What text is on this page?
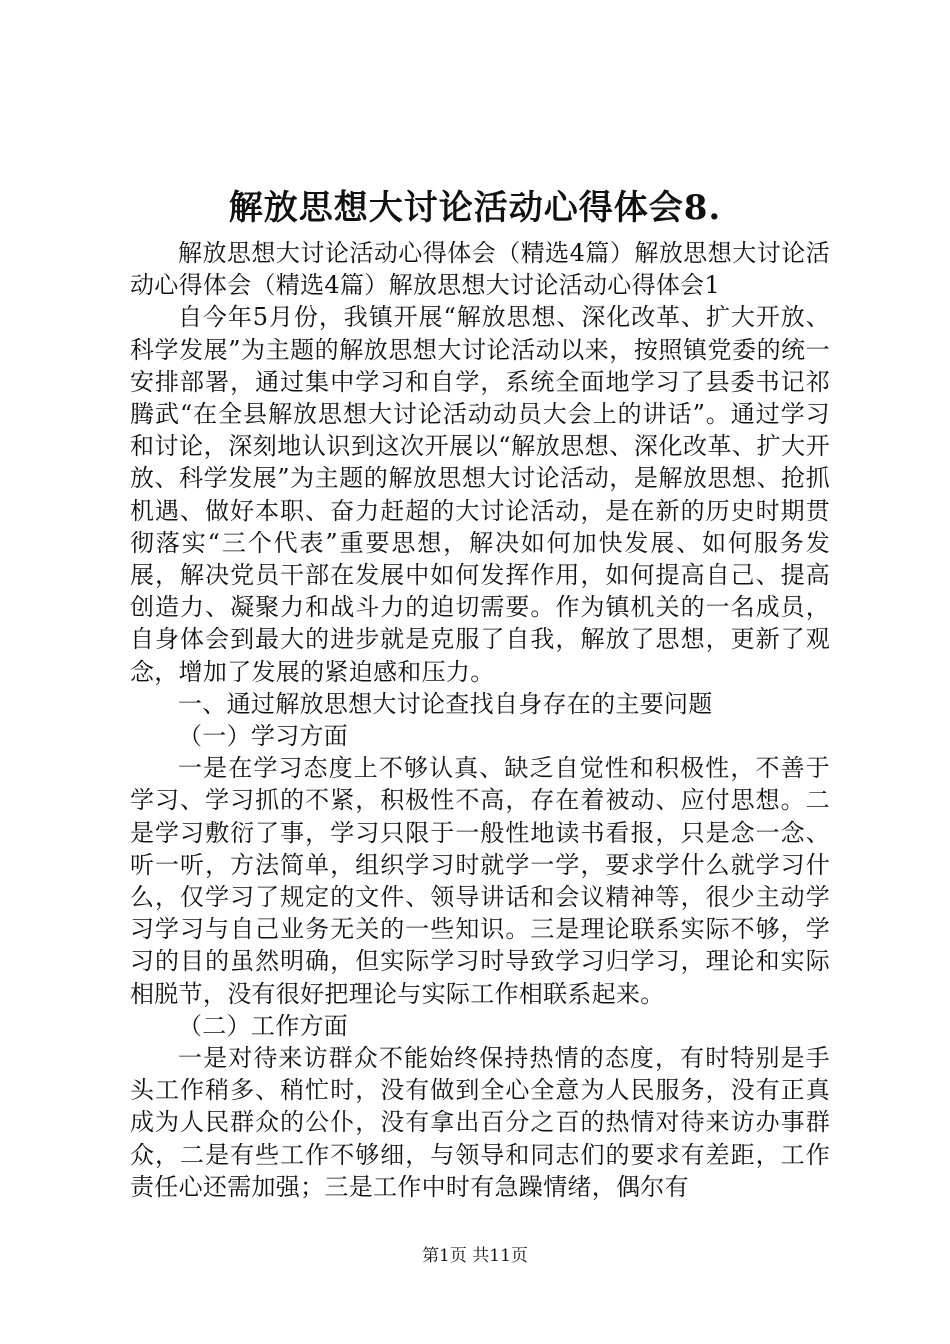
解放思想大讨论活动心得体会8.

解放思想大讨论活动心得体会（精选4篇）解放思想大讨论活动心得体会（精选4篇）解放思想大讨论活动心得体会1

自今年5月份，我镇开展“解放思想、深化改革、扩大开放、科学发展”为主题的解放思想大讨论活动以来，按照镇党委的统一安排部署，通过集中学习和自学，系统全面地学习了县委书记祁腾武“在全县解放思想大讨论活动动员大会上的讲话”。通过学习和讨论，深刻地认识到这次开展以“解放思想、深化改革、扩大开放、科学发展”为主题的解放思想大讨论活动，是解放思想、抢抓机遇、做好本职、奋力赶超的大讨论活动，是在新的历史时期贯彻落实“三个代表”重要思想，解决如何加快发展、如何服务发展，解决党员干部在发展中如何发挥作用，如何提高自己、提高创造力、凝聚力和战斗力的迫切需要。作为镇机关的一名成员，自身体会到最大的进步就是克服了自我，解放了思想，更新了观念，增加了发展的紧迫感和压力。

一、通过解放思想大讨论查找自身存在的主要问题

（一）学习方面

一是在学习态度上不够认真、缺乏自觉性和积极性，不善于学习、学习抓的不紧，积极性不高，存在着被动、应付思想。二是学习敷衍了事，学习只限于一般性地读书看报，只是念一念、听一听，方法简单，组织学习时就学一学，要求学什么就学习什么，仅学习了规定的文件、领导讲话和会议精神等，很少主动学习学习与自己业务无关的一些知识。三是理论联系实际不够，学习的目的虽然明确，但实际学习时导致学习归学习，理论和实际相脱节，没有很好把理论与实际工作相联系起来。

（二）工作方面

一是对待来访群众不能始终保持热情的态度，有时特别是手头工作稍多、稍忙时，没有做到全心全意为人民服务，没有正真成为人民群众的公仆，没有拿出百分之百的热情对待来访办事群众，二是有些工作不够细，与领导和同志们的要求有差距，工作责任心还需加强；三是工作中时有急躁情绪，偶尔有

第1页 共11页
